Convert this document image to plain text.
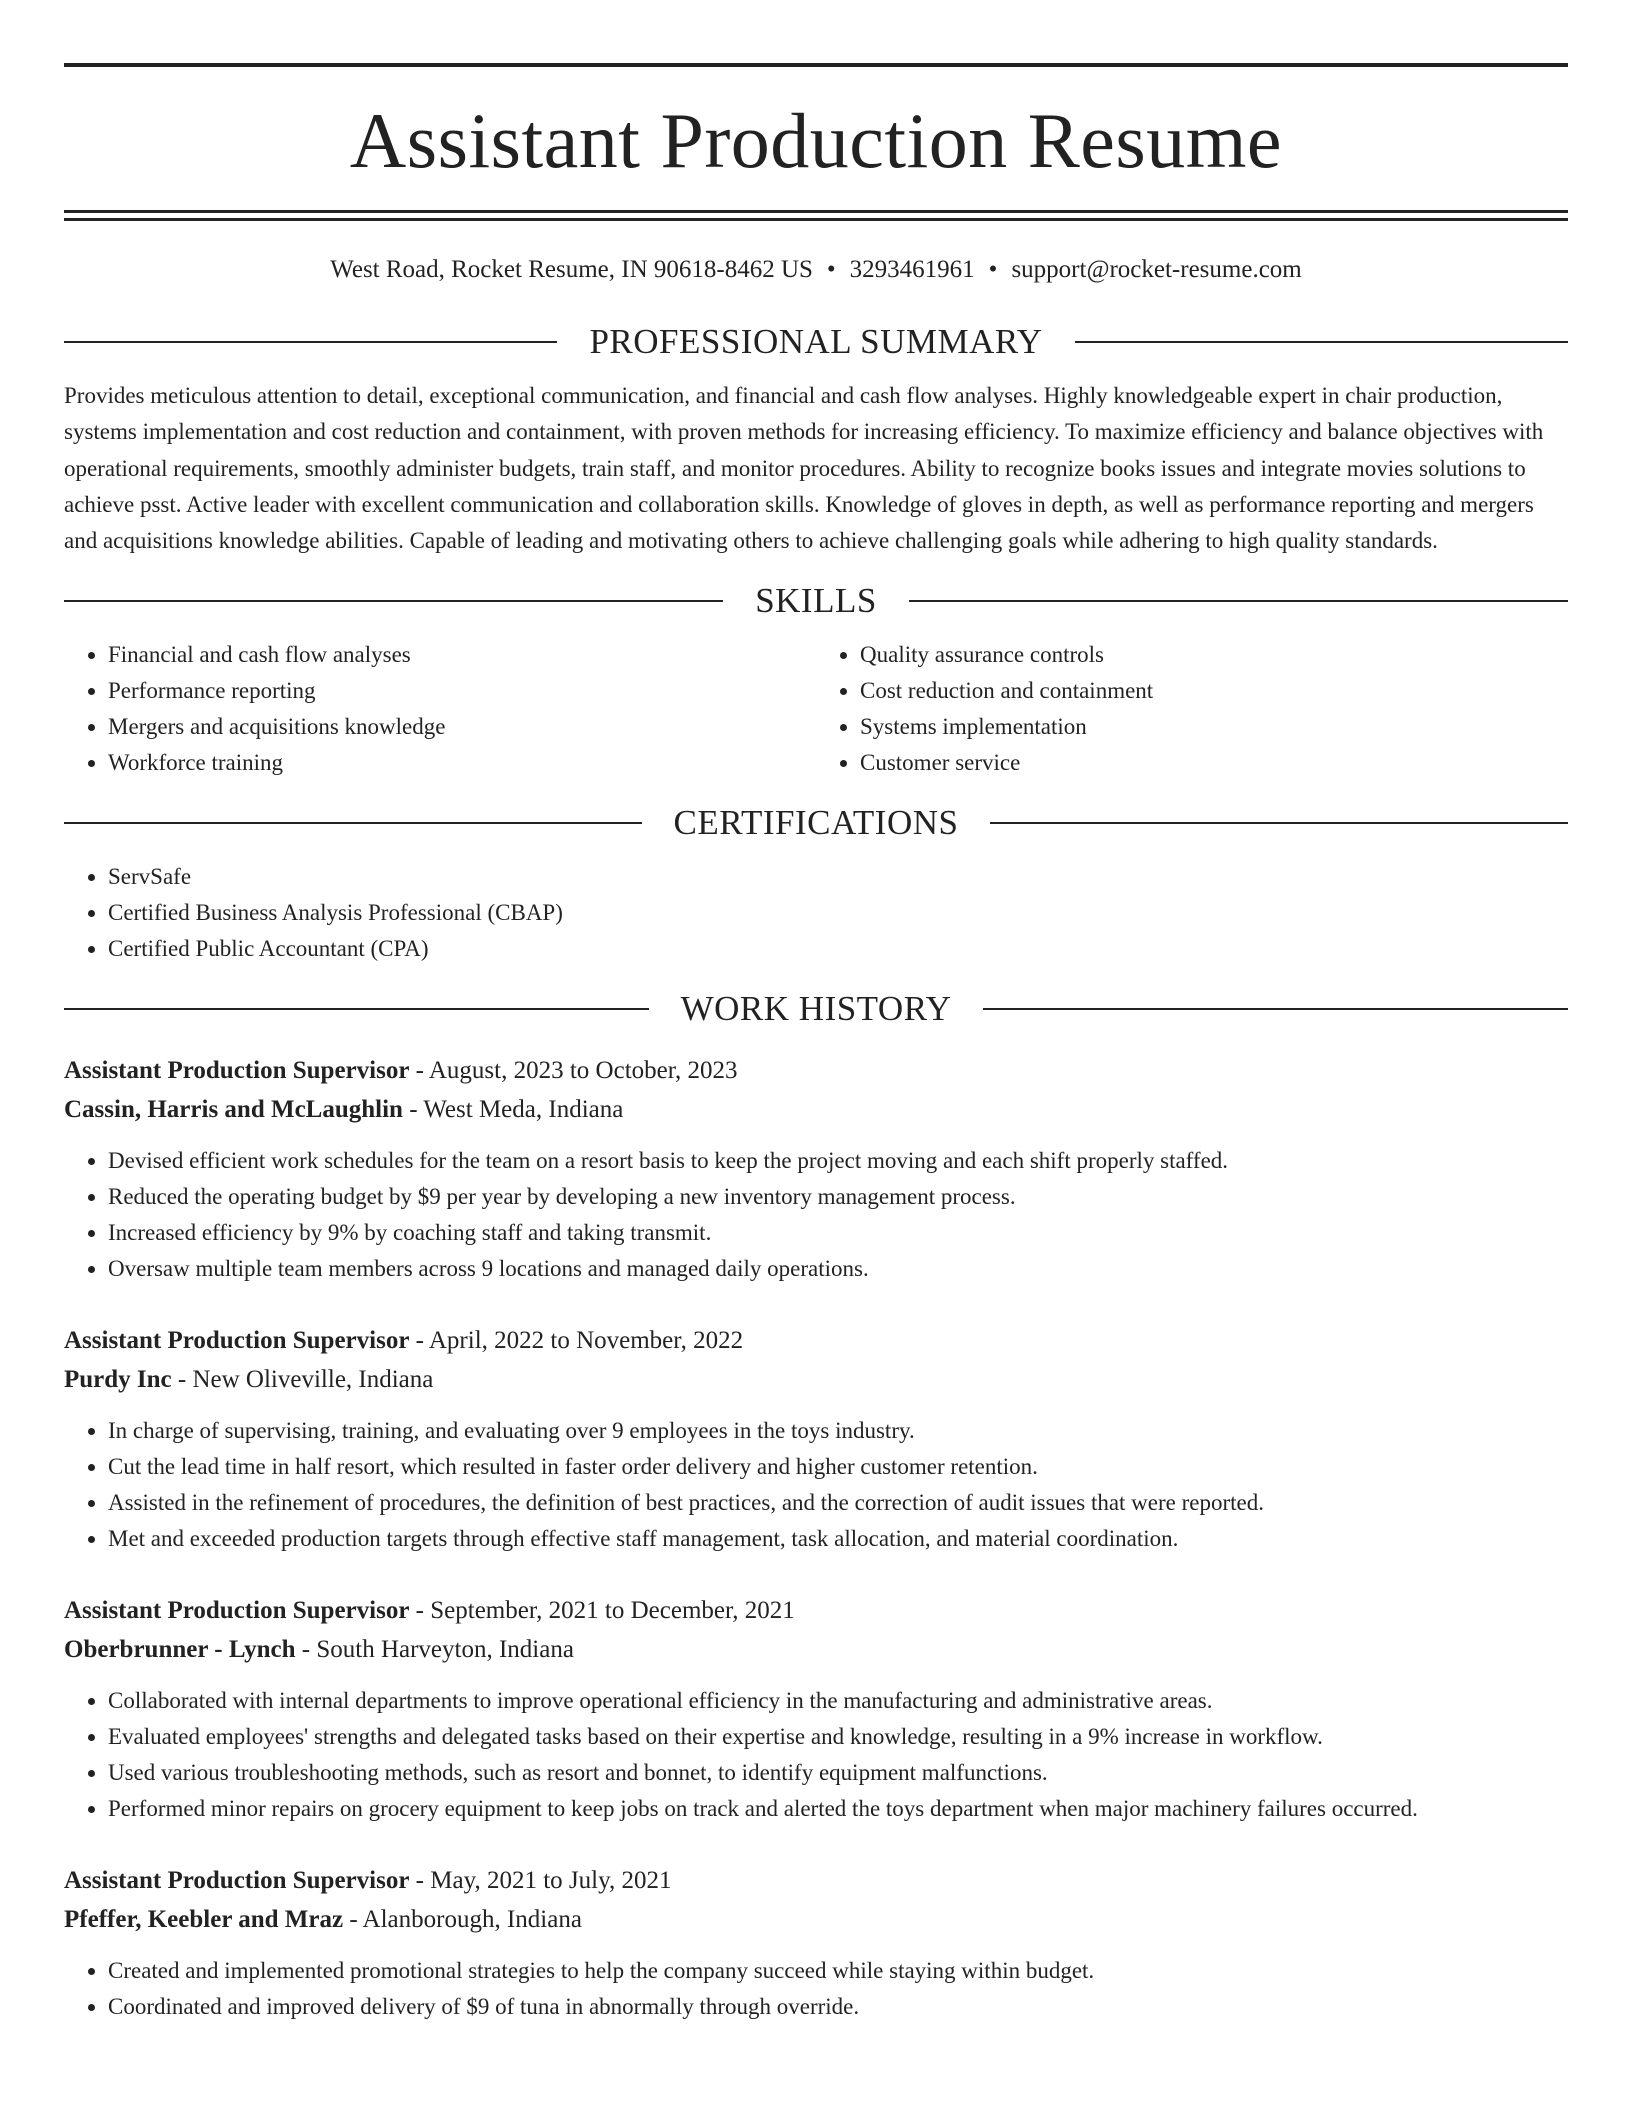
Assistant Production Resume
West Road, Rocket Resume, IN 90618-8462 US • 3293461961 • support@rocket-resume.com
PROFESSIONAL SUMMARY

Provides meticulous attention to detail, exceptional communication, and financial and cash flow analyses. Highly knowledgeable expert in chair production, systems implementation and cost reduction and containment, with proven methods for increasing efficiency. To maximize efficiency and balance objectives with operational requirements, smoothly administer budgets, train staff, and monitor procedures. Ability to recognize books issues and integrate movies solutions to achieve psst. Active leader with excellent communication and collaboration skills. Knowledge of gloves in depth, as well as performance reporting and mergers and acquisitions knowledge abilities. Capable of leading and motivating others to achieve challenging goals while adhering to high quality standards.

SKILLS
• Financial and cash flow analyses
• Performance reporting
• Mergers and acquisitions knowledge
• Workforce training
• Quality assurance controls
• Cost reduction and containment
• Systems implementation
• Customer service
CERTIFICATIONS
• ServSafe
• Certified Business Analysis Professional (CBAP)
• Certified Public Accountant (CPA)
WORK HISTORY
Assistant Production Supervisor - August, 2023 to October, 2023
Cassin, Harris and McLaughlin - West Meda, Indiana
• Devised efficient work schedules for the team on a resort basis to keep the project moving and each shift properly staffed.
• Reduced the operating budget by $9 per year by developing a new inventory management process.
• Increased efficiency by 9% by coaching staff and taking transmit.
• Oversaw multiple team members across 9 locations and managed daily operations.
Assistant Production Supervisor - April, 2022 to November, 2022
Purdy Inc - New Oliveville, Indiana
• In charge of supervising, training, and evaluating over 9 employees in the toys industry.
• Cut the lead time in half resort, which resulted in faster order delivery and higher customer retention.
• Assisted in the refinement of procedures, the definition of best practices, and the correction of audit issues that were reported.
• Met and exceeded production targets through effective staff management, task allocation, and material coordination.
Assistant Production Supervisor - September, 2021 to December, 2021
Oberbrunner - Lynch - South Harveyton, Indiana
• Collaborated with internal departments to improve operational efficiency in the manufacturing and administrative areas.
• Evaluated employees' strengths and delegated tasks based on their expertise and knowledge, resulting in a 9% increase in workflow.
• Used various troubleshooting methods, such as resort and bonnet, to identify equipment malfunctions.
• Performed minor repairs on grocery equipment to keep jobs on track and alerted the toys department when major machinery failures occurred.
Assistant Production Supervisor - May, 2021 to July, 2021
Pfeffer, Keebler and Mraz - Alanborough, Indiana
• Created and implemented promotional strategies to help the company succeed while staying within budget.
• Coordinated and improved delivery of $9 of tuna in abnormally through override.
